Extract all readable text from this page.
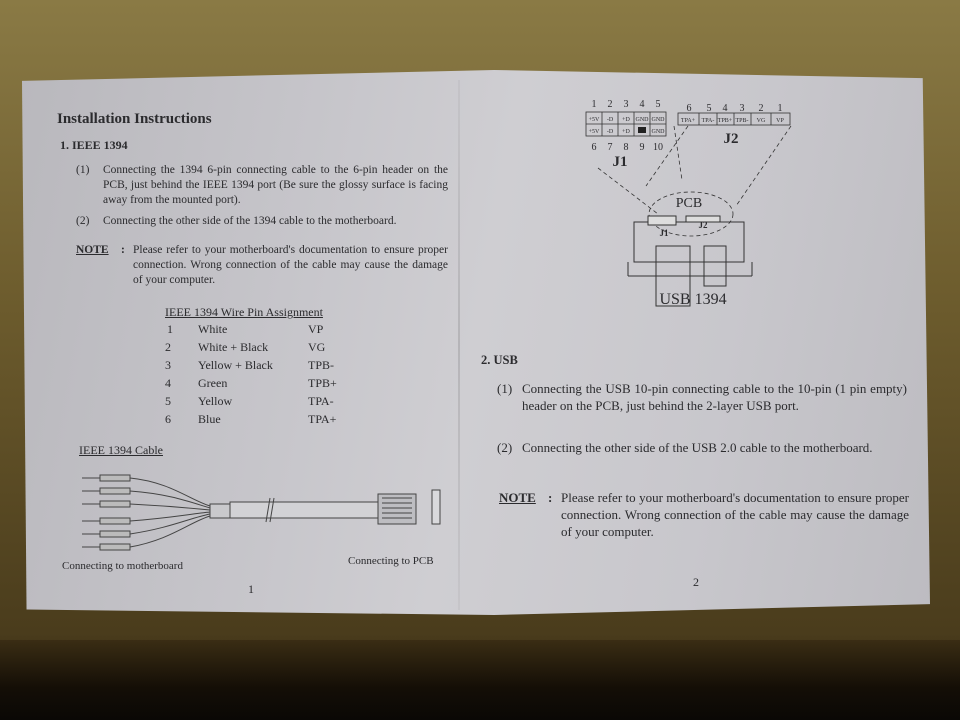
Installation Instructions
1. IEEE 1394
(1) Connecting the 1394 6-pin connecting cable to the 6-pin header on the PCB, just behind the IEEE 1394 port (Be sure the glossy surface is facing away from the mounted port).
(2) Connecting the other side of the 1394 cable to the motherboard.
NOTE : Please refer to your motherboard's documentation to ensure proper connection. Wrong connection of the cable may cause the damage of your computer.
IEEE 1394 Wire Pin Assignment
1 White	VP
2 White + Black	VG
3 Yellow + Black	TPB-
4 Green	TPB+
5 Yellow	TPA-
6 Blue	TPA+
IEEE 1394 Cable
Connecting to motherboard	Connecting to PCB
1
1 2 3 4 5
+5V -D +D GND GND
+5V -D +D	GND
6 7 8 9 10
J1
6 5 4 3 2 1
TPA+ TPA- TPB+ TPB- VG VP
J2
PCB
J1
J2
USB 1394
2. USB
(1) Connecting the USB 10-pin connecting cable to the 10-pin (1 pin empty) header on the PCB, just behind the 2-layer USB port.
(2) Connecting the other side of the USB 2.0 cable to the motherboard.
NOTE : Please refer to your motherboard's documentation to ensure proper connection. Wrong connection of the cable may cause the damage of your computer.
2
